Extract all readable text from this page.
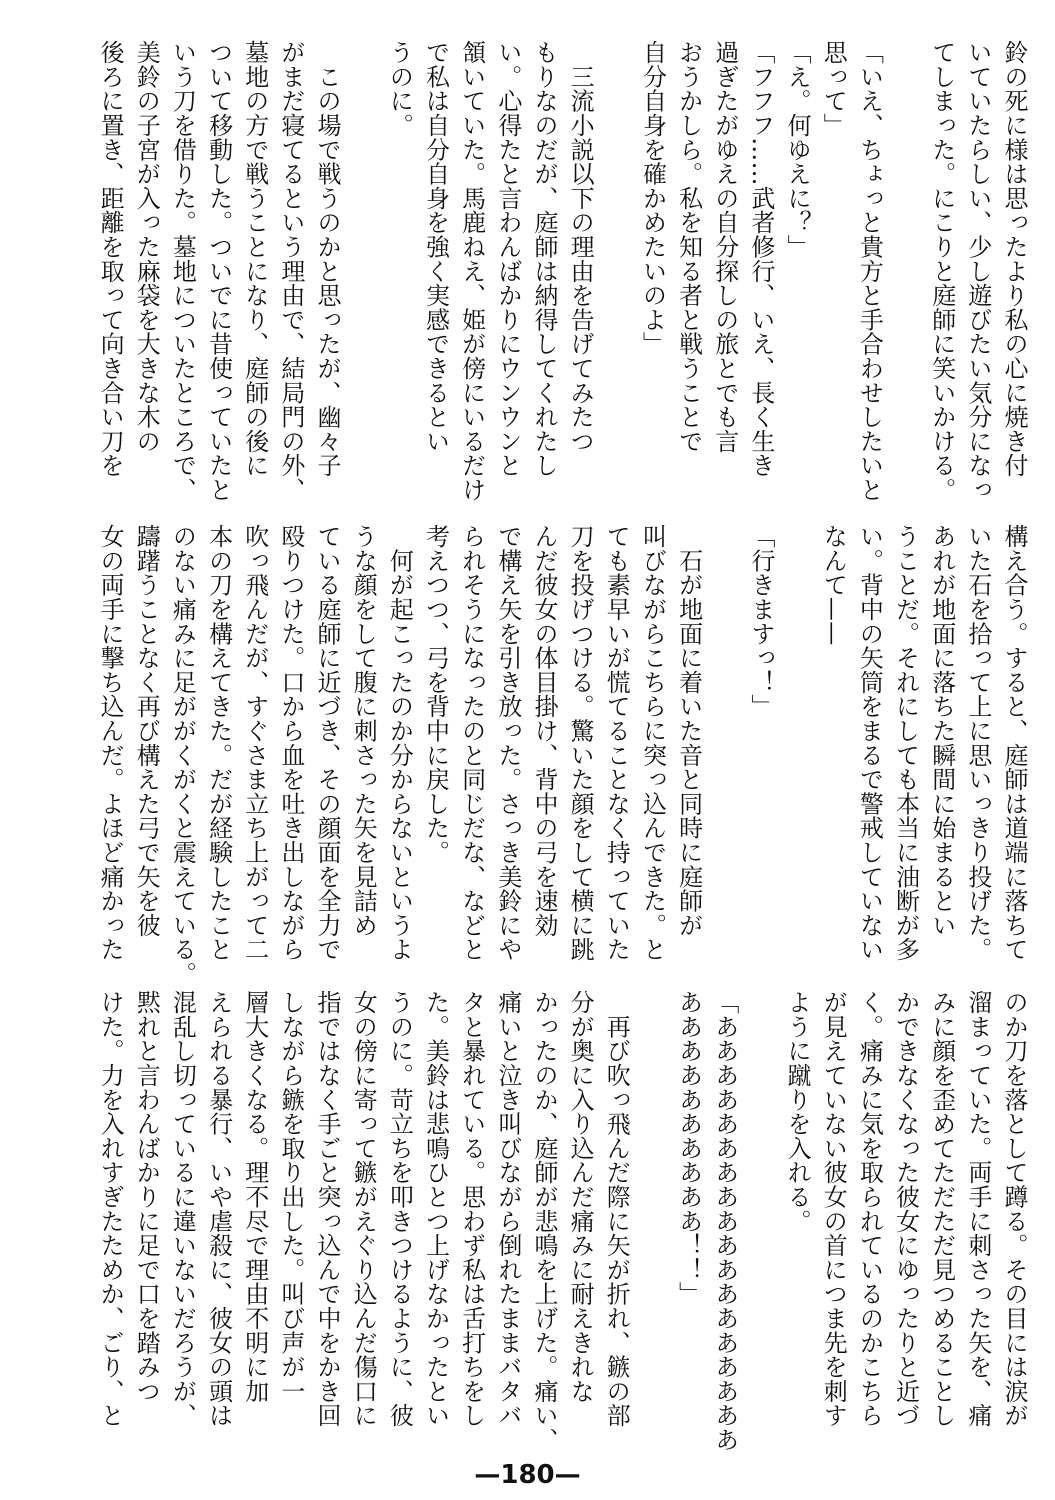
鈴の死に様は思ったより私の心に焼き付
いていたらしい、少し遊びたい気分になっ
てしまった。にこりと庭師に笑いかける。

「いえ、ちょっと貴方と手合わせしたいと
思って」
「え。何ゆえに？」
「フフフ……武者修行、いえ、長く生き
過ぎたがゆえの自分探しの旅とでも言
おうかしら。私を知る者と戦うことで
自分自身を確かめたいのよ」

　三流小説以下の理由を告げてみたつ
もりなのだが、庭師は納得してくれたし
い。心得たと言わんばかりにウンウンと
頷いていた。馬鹿ねえ、姫が傍にいるだけ
で私は自分自身を強く実感できるとい
うのに。

　この場で戦うのかと思ったが、幽々子
がまだ寝てるという理由で、結局門の外、
墓地の方で戦うことになり、庭師の後に
ついて移動した。ついでに昔使っていたと
いう刀を借りた。墓地についたところで、
美鈴の子宮が入った麻袋を大きな木の
後ろに置き、距離を取って向き合い刀を
構え合う。すると、庭師は道端に落ちて
いた石を拾って上に思いっきり投げた。
あれが地面に落ちた瞬間に始まるとい
うことだ。それにしても本当に油断が多
い。背中の矢筒をまるで警戒していない
なんて——

「行きますっ！」

　石が地面に着いた音と同時に庭師が
叫びながらこちらに突っ込んできた。と
ても素早いが慌てることなく持っていた
刀を投げつける。驚いた顔をして横に跳
んだ彼女の体目掛け、背中の弓を速効
で構え矢を引き放った。さっき美鈴にや
られそうになったのと同じだな、などと
考えつつ、弓を背中に戻した。
　何が起こったのか分からないというよ
うな顔をして腹に刺さった矢を見詰め
ている庭師に近づき、その顔面を全力で
殴りつけた。口から血を吐き出しながら
吹っ飛んだが、すぐさま立ち上がって二
本の刀を構えてきた。だが経験したこと
のない痛みに足ががくがくと震えている。
躊躇うことなく再び構えた弓で矢を彼
女の両手に撃ち込んだ。よほど痛かった
のか刀を落として蹲る。その目には涙が
溜まっていた。両手に刺さった矢を、痛
みに顔を歪めてただただ見つめることし
かできなくなった彼女にゆったりと近づ
く。痛みに気を取られているのかこちら
が見えていない彼女の首につま先を刺す
ように蹴りを入れる。

「ああああああああああああああああああ
ああああああああああ！！」

　再び吹っ飛んだ際に矢が折れ、鏃の部
分が奥に入り込んだ痛みに耐えきれな
かったのか、庭師が悲鳴を上げた。痛い、
痛いと泣き叫びながら倒れたままバタバ
タと暴れている。思わず私は舌打ちをし
た。美鈴は悲鳴ひとつ上げなかったとい
うのに。苛立ちを叩きつけるように、彼
女の傍に寄って鏃がえぐり込んだ傷口に
指ではなく手ごと突っ込んで中をかき回
しながら鏃を取り出した。叫び声が一
層大きくなる。理不尽で理由不明に加
えられる暴行、いや虐殺に、彼女の頭は
混乱し切っているに違いないだろうが、
黙れと言わんばかりに足で口を踏みつ
けた。力を入れすぎたためか、ごり、と
—180—
